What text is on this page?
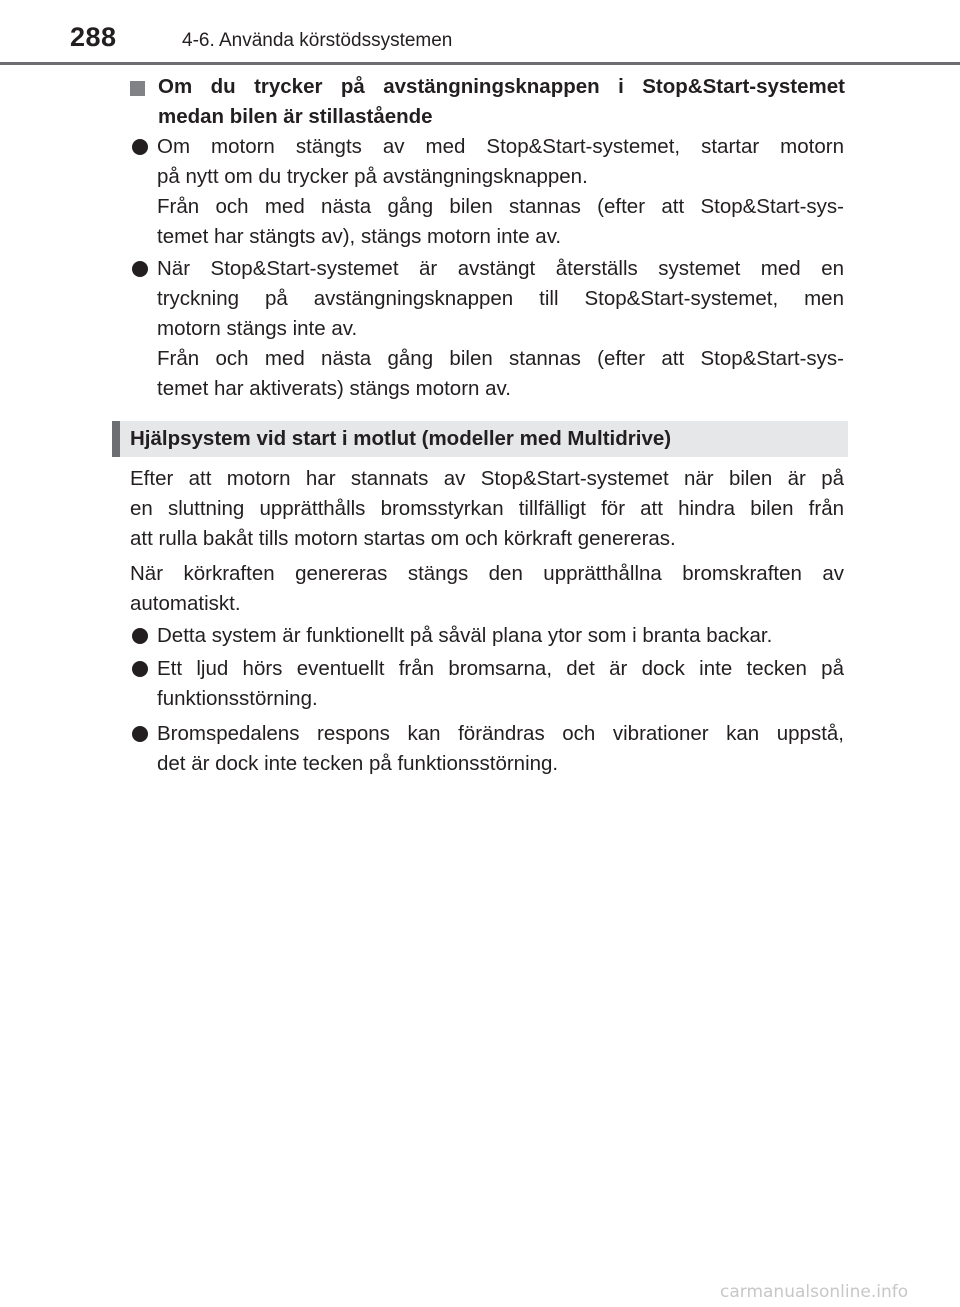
288	4-6. Använda körstödssystemen
Om du trycker på avstängningsknappen i Stop&Start-systemet
medan bilen är stillastående
Om motorn stängts av med Stop&Start-systemet, startar motorn
på nytt om du trycker på avstängningsknappen.
Från och med nästa gång bilen stannas (efter att Stop&Start-sys-
temet har stängts av), stängs motorn inte av.
När Stop&Start-systemet är avstängt återställs systemet med en
tryckning på avstängningsknappen till Stop&Start-systemet, men
motorn stängs inte av.
Från och med nästa gång bilen stannas (efter att Stop&Start-sys-
temet har aktiverats) stängs motorn av.
Hjälpsystem vid start i motlut (modeller med Multidrive)
Efter att motorn har stannats av Stop&Start-systemet när bilen är på
en sluttning upprätthålls bromsstyrkan tillfälligt för att hindra bilen från
att rulla bakåt tills motorn startas om och körkraft genereras.
När körkraften genereras stängs den upprätthållna bromskraften av
automatiskt.
Detta system är funktionellt på såväl plana ytor som i branta backar.
Ett ljud hörs eventuellt från bromsarna, det är dock inte tecken på
funktionsstörning.
Bromspedalens respons kan förändras och vibrationer kan uppstå,
det är dock inte tecken på funktionsstörning.
carmanualsonline.info
